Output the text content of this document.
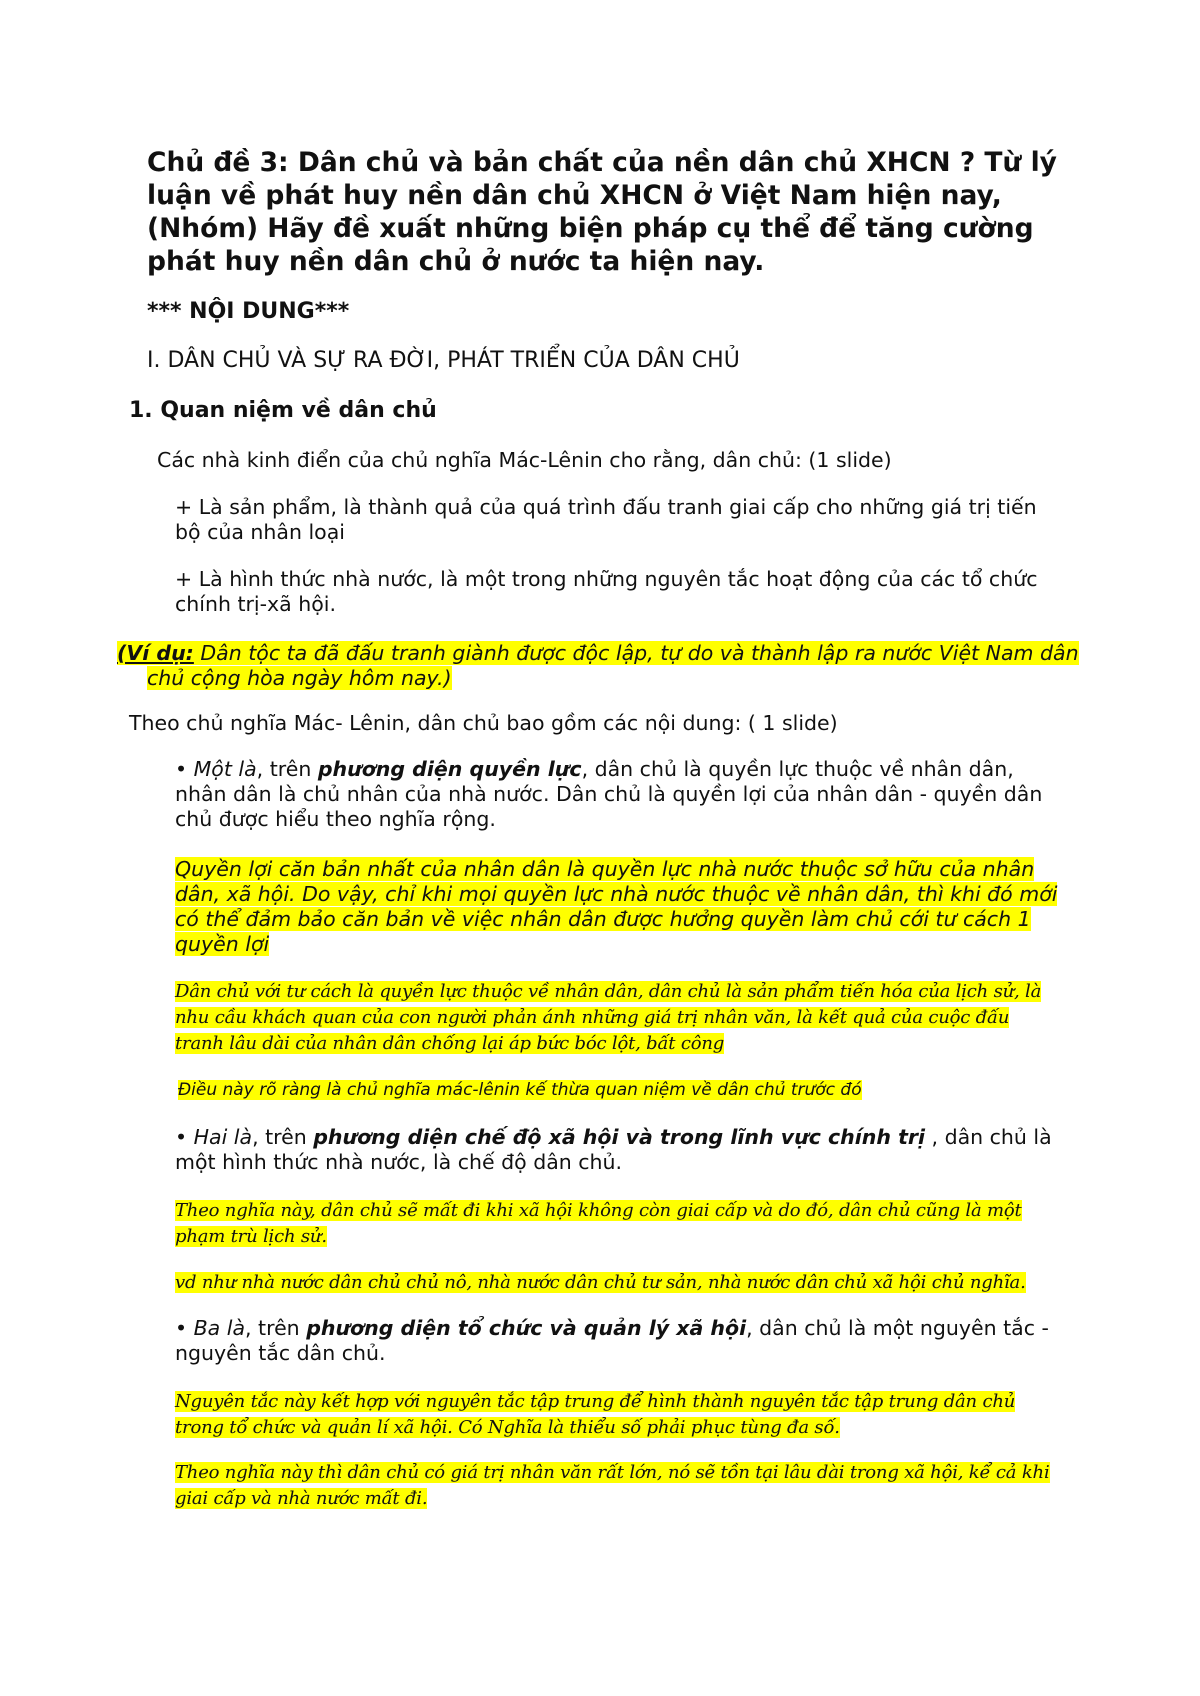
Chủ đề 3: Dân chủ và bản chất của nền dân chủ XHCN ? Từ lý luận về phát huy nền dân chủ XHCN ở Việt Nam hiện nay, (Nhóm) Hãy đề xuất những biện pháp cụ thể để tăng cường phát huy nền dân chủ ở nước ta hiện nay.
*** NỘI DUNG***
I. DÂN CHỦ VÀ SỰ RA ĐỜI, PHÁT TRIỂN CỦA DÂN CHỦ
1. Quan niệm về dân chủ
Các nhà kinh điển của chủ nghĩa Mác-Lênin cho rằng, dân chủ: (1 slide)
+ Là sản phẩm, là thành quả của quá trình đấu tranh giai cấp cho những giá trị tiến bộ của nhân loại
+ Là hình thức nhà nước, là một trong những nguyên tắc hoạt động của các tổ chức chính trị-xã hội.
(Ví dụ: Dân tộc ta đã đấu tranh giành được độc lập, tự do và thành lập ra nước Việt Nam dân chủ cộng hòa ngày hôm nay.)
Theo chủ nghĩa Mác- Lênin, dân chủ bao gồm các nội dung: ( 1 slide)
• Một là, trên phương diện quyền lực, dân chủ là quyền lực thuộc về nhân dân, nhân dân là chủ nhân của nhà nước. Dân chủ là quyền lợi của nhân dân - quyền dân chủ được hiểu theo nghĩa rộng.
Quyền lợi căn bản nhất của nhân dân là quyền lực nhà nước thuộc sở hữu của nhân dân, xã hội. Do vậy, chỉ khi mọi quyền lực nhà nước thuộc về nhân dân, thì khi đó mới có thể đảm bảo căn bản về việc nhân dân được hưởng quyền làm chủ cới tư cách 1 quyền lợi
Dân chủ với tư cách là quyền lực thuộc về nhân dân, dân chủ là sản phẩm tiến hóa của lịch sử, là nhu cầu khách quan của con người phản ánh những giá trị nhân văn, là kết quả của cuộc đấu tranh lâu dài của nhân dân chống lại áp bức bóc lột, bất công
Điều này rõ ràng là chủ nghĩa mác-lênin kế thừa quan niệm về dân chủ trước đó
• Hai là, trên phương diện chế độ xã hội và trong lĩnh vực chính trị , dân chủ là một hình thức nhà nước, là chế độ dân chủ.
Theo nghĩa này, dân chủ sẽ mất đi khi xã hội không còn giai cấp và do đó, dân chủ cũng là một phạm trù lịch sử.
vd như nhà nước dân chủ chủ nô, nhà nước dân chủ tư sản, nhà nước dân chủ xã hội chủ nghĩa.
• Ba là, trên phương diện tổ chức và quản lý xã hội, dân chủ là một nguyên tắc - nguyên tắc dân chủ.
Nguyên tắc này kết hợp với nguyên tắc tập trung để hình thành nguyên tắc tập trung dân chủ trong tổ chức và quản lí xã hội. Có Nghĩa là thiểu số phải phục tùng đa số.
Theo nghĩa này thì dân chủ có giá trị nhân văn rất lớn, nó sẽ tồn tại lâu dài trong xã hội, kể cả khi giai cấp và nhà nước mất đi.
